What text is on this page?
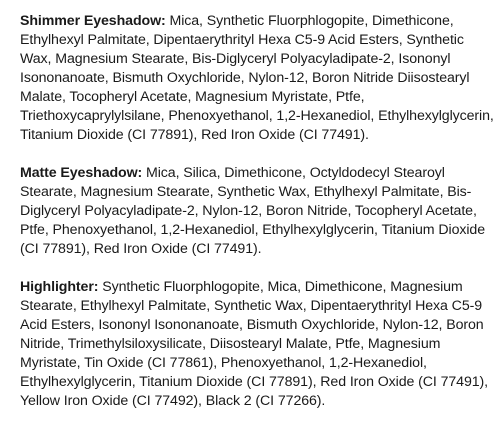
Shimmer Eyeshadow: Mica, Synthetic Fluorphlogopite, Dimethicone, Ethylhexyl Palmitate, Dipentaerythrityl Hexa C5-9 Acid Esters, Synthetic Wax, Magnesium Stearate, Bis-Diglyceryl Polyacyladipate-2, Isononyl Isononanoate, Bismuth Oxychloride, Nylon-12, Boron Nitride Diisostearyl Malate, Tocopheryl Acetate, Magnesium Myristate, Ptfe, Triethoxycaprylylsilane, Phenoxyethanol, 1,2-Hexanediol, Ethylhexylglycerin, Titanium Dioxide (CI 77891), Red Iron Oxide (CI 77491).

Matte Eyeshadow: Mica, Silica, Dimethicone, Octyldodecyl Stearoyl Stearate, Magnesium Stearate, Synthetic Wax, Ethylhexyl Palmitate, Bis-Diglyceryl Polyacyladipate-2, Nylon-12, Boron Nitride, Tocopheryl Acetate, Ptfe, Phenoxyethanol, 1,2-Hexanediol, Ethylhexylglycerin, Titanium Dioxide (CI 77891), Red Iron Oxide (CI 77491).

Highlighter: Synthetic Fluorphlogopite, Mica, Dimethicone, Magnesium Stearate, Ethylhexyl Palmitate, Synthetic Wax, Dipentaerythrityl Hexa C5-9 Acid Esters, Isononyl Isononanoate, Bismuth Oxychloride, Nylon-12, Boron Nitride, Trimethylsiloxysilicate, Diisostearyl Malate, Ptfe, Magnesium Myristate, Tin Oxide (CI 77861), Phenoxyethanol, 1,2-Hexanediol, Ethylhexylglycerin, Titanium Dioxide (CI 77891), Red Iron Oxide (CI 77491), Yellow Iron Oxide (CI 77492), Black 2 (CI 77266).
